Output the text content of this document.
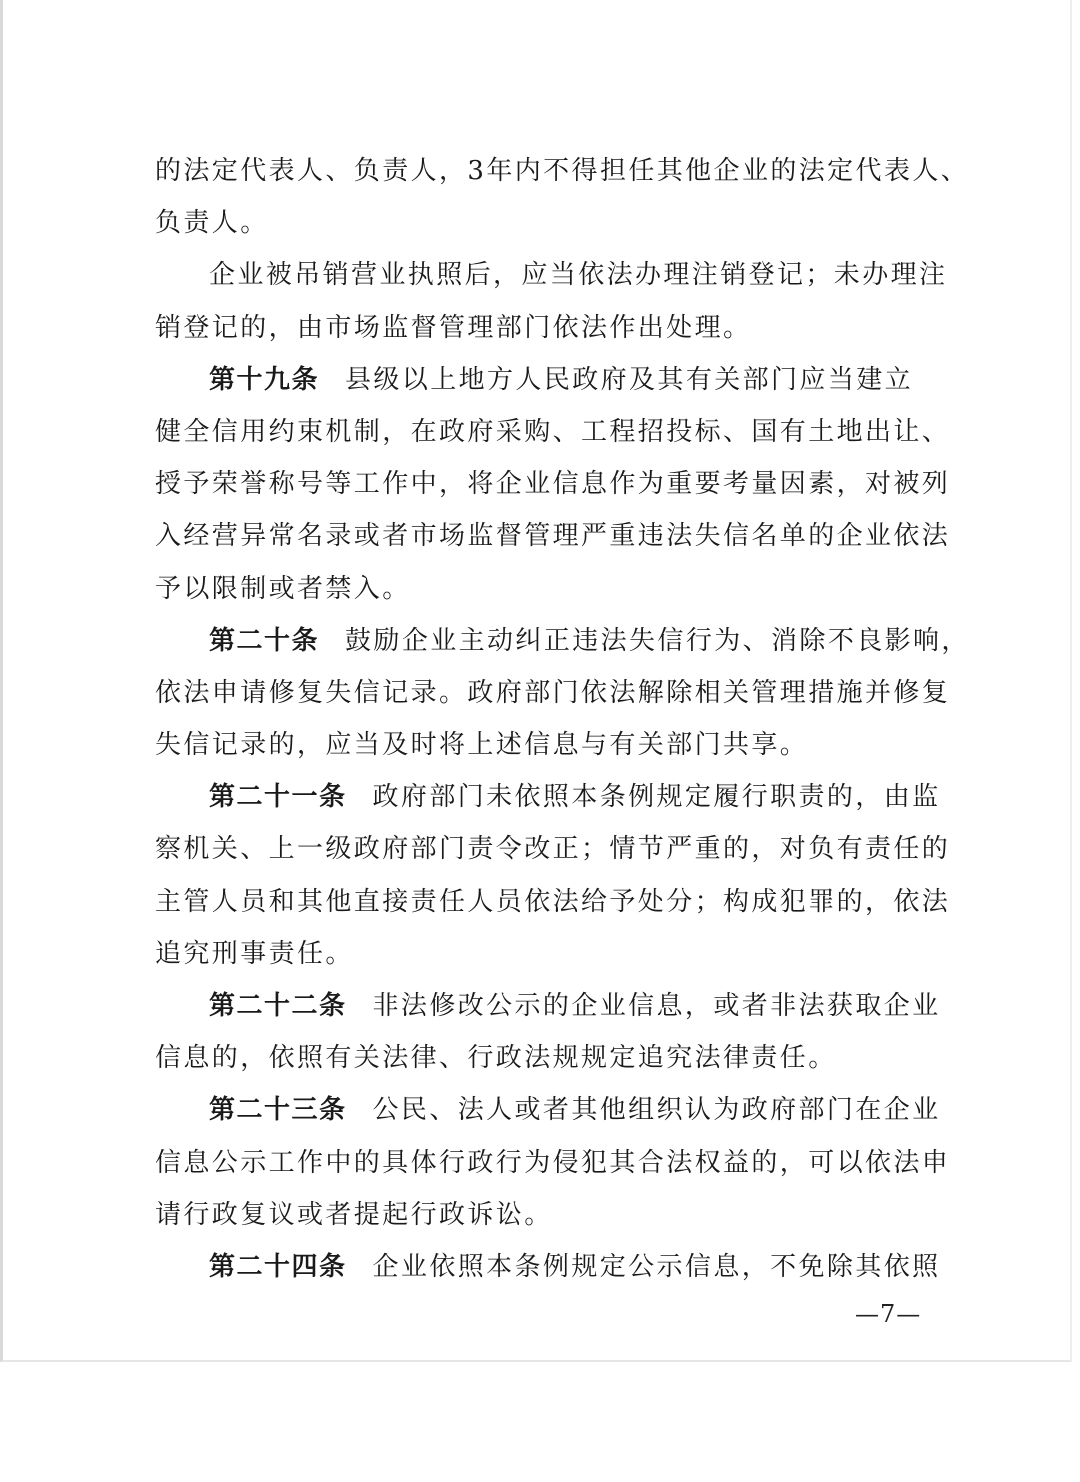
的法定代表人、负责人，3年内不得担任其他企业的法定代表人、
负责人。
企业被吊销营业执照后，应当依法办理注销登记；未办理注
销登记的，由市场监督管理部门依法作出处理。
第十九条 县级以上地方人民政府及其有关部门应当建立
健全信用约束机制，在政府采购、工程招投标、国有土地出让、
授予荣誉称号等工作中，将企业信息作为重要考量因素，对被列
入经营异常名录或者市场监督管理严重违法失信名单的企业依法
予以限制或者禁入。
第二十条 鼓励企业主动纠正违法失信行为、消除不良影响，
依法申请修复失信记录。政府部门依法解除相关管理措施并修复
失信记录的，应当及时将上述信息与有关部门共享。
第二十一条 政府部门未依照本条例规定履行职责的，由监
察机关、上一级政府部门责令改正；情节严重的，对负有责任的
主管人员和其他直接责任人员依法给予处分；构成犯罪的，依法
追究刑事责任。
第二十二条 非法修改公示的企业信息，或者非法获取企业
信息的，依照有关法律、行政法规规定追究法律责任。
第二十三条 公民、法人或者其他组织认为政府部门在企业
信息公示工作中的具体行政行为侵犯其合法权益的，可以依法申
请行政复议或者提起行政诉讼。
第二十四条 企业依照本条例规定公示信息，不免除其依照
—7—
